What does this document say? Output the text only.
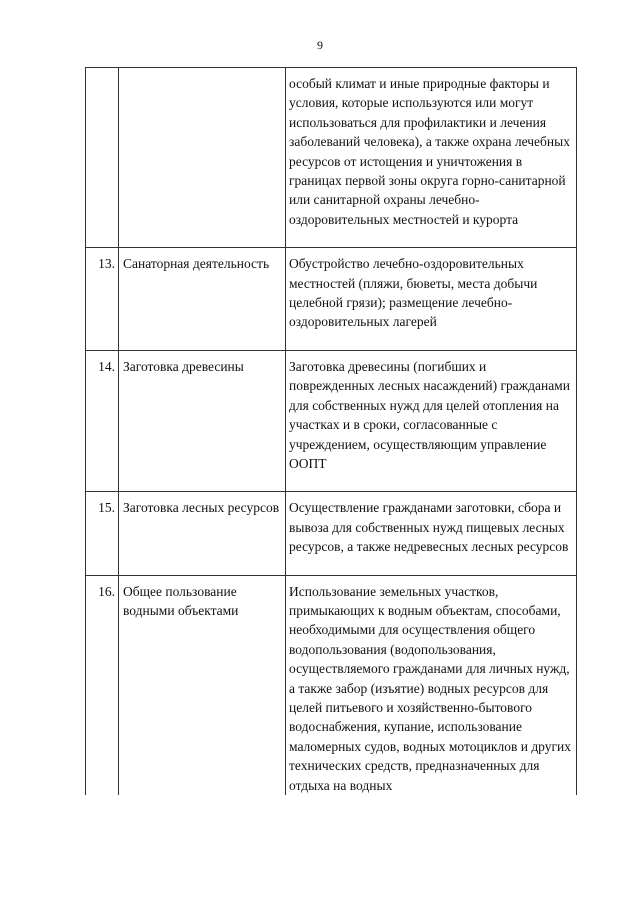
9
		особый климат и иные природные факторы и условия, которые используются или могут использоваться для профилактики и лечения заболеваний человека), а также охрана лечебных ресурсов от истощения и уничтожения в границах первой зоны округа горно-санитарной или санитарной охраны лечебно-оздоровительных местностей и курорта
13.	Санаторная деятельность	Обустройство лечебно-оздоровительных местностей (пляжи, бюветы, места добычи целебной грязи); размещение лечебно-оздоровительных лагерей
14.	Заготовка древесины	Заготовка древесины (погибших и поврежденных лесных насаждений) гражданами для собственных нужд для целей отопления на участках и в сроки, согласованные с учреждением, осуществляющим управление ООПТ
15.	Заготовка лесных ресурсов	Осуществление гражданами заготовки, сбора и вывоза для собственных нужд пищевых лесных ресурсов, а также недревесных лесных ресурсов
16.	Общее пользование водными объектами	Использование земельных участков, примыкающих к водным объектам, способами, необходимыми для осуществления общего водопользования (водопользования, осуществляемого гражданами для личных нужд, а также забор (изъятие) водных ресурсов для целей питьевого и хозяйственно-бытового водоснабжения, купание, использование маломерных судов, водных мотоциклов и других технических средств, предназначенных для отдыха на водных
